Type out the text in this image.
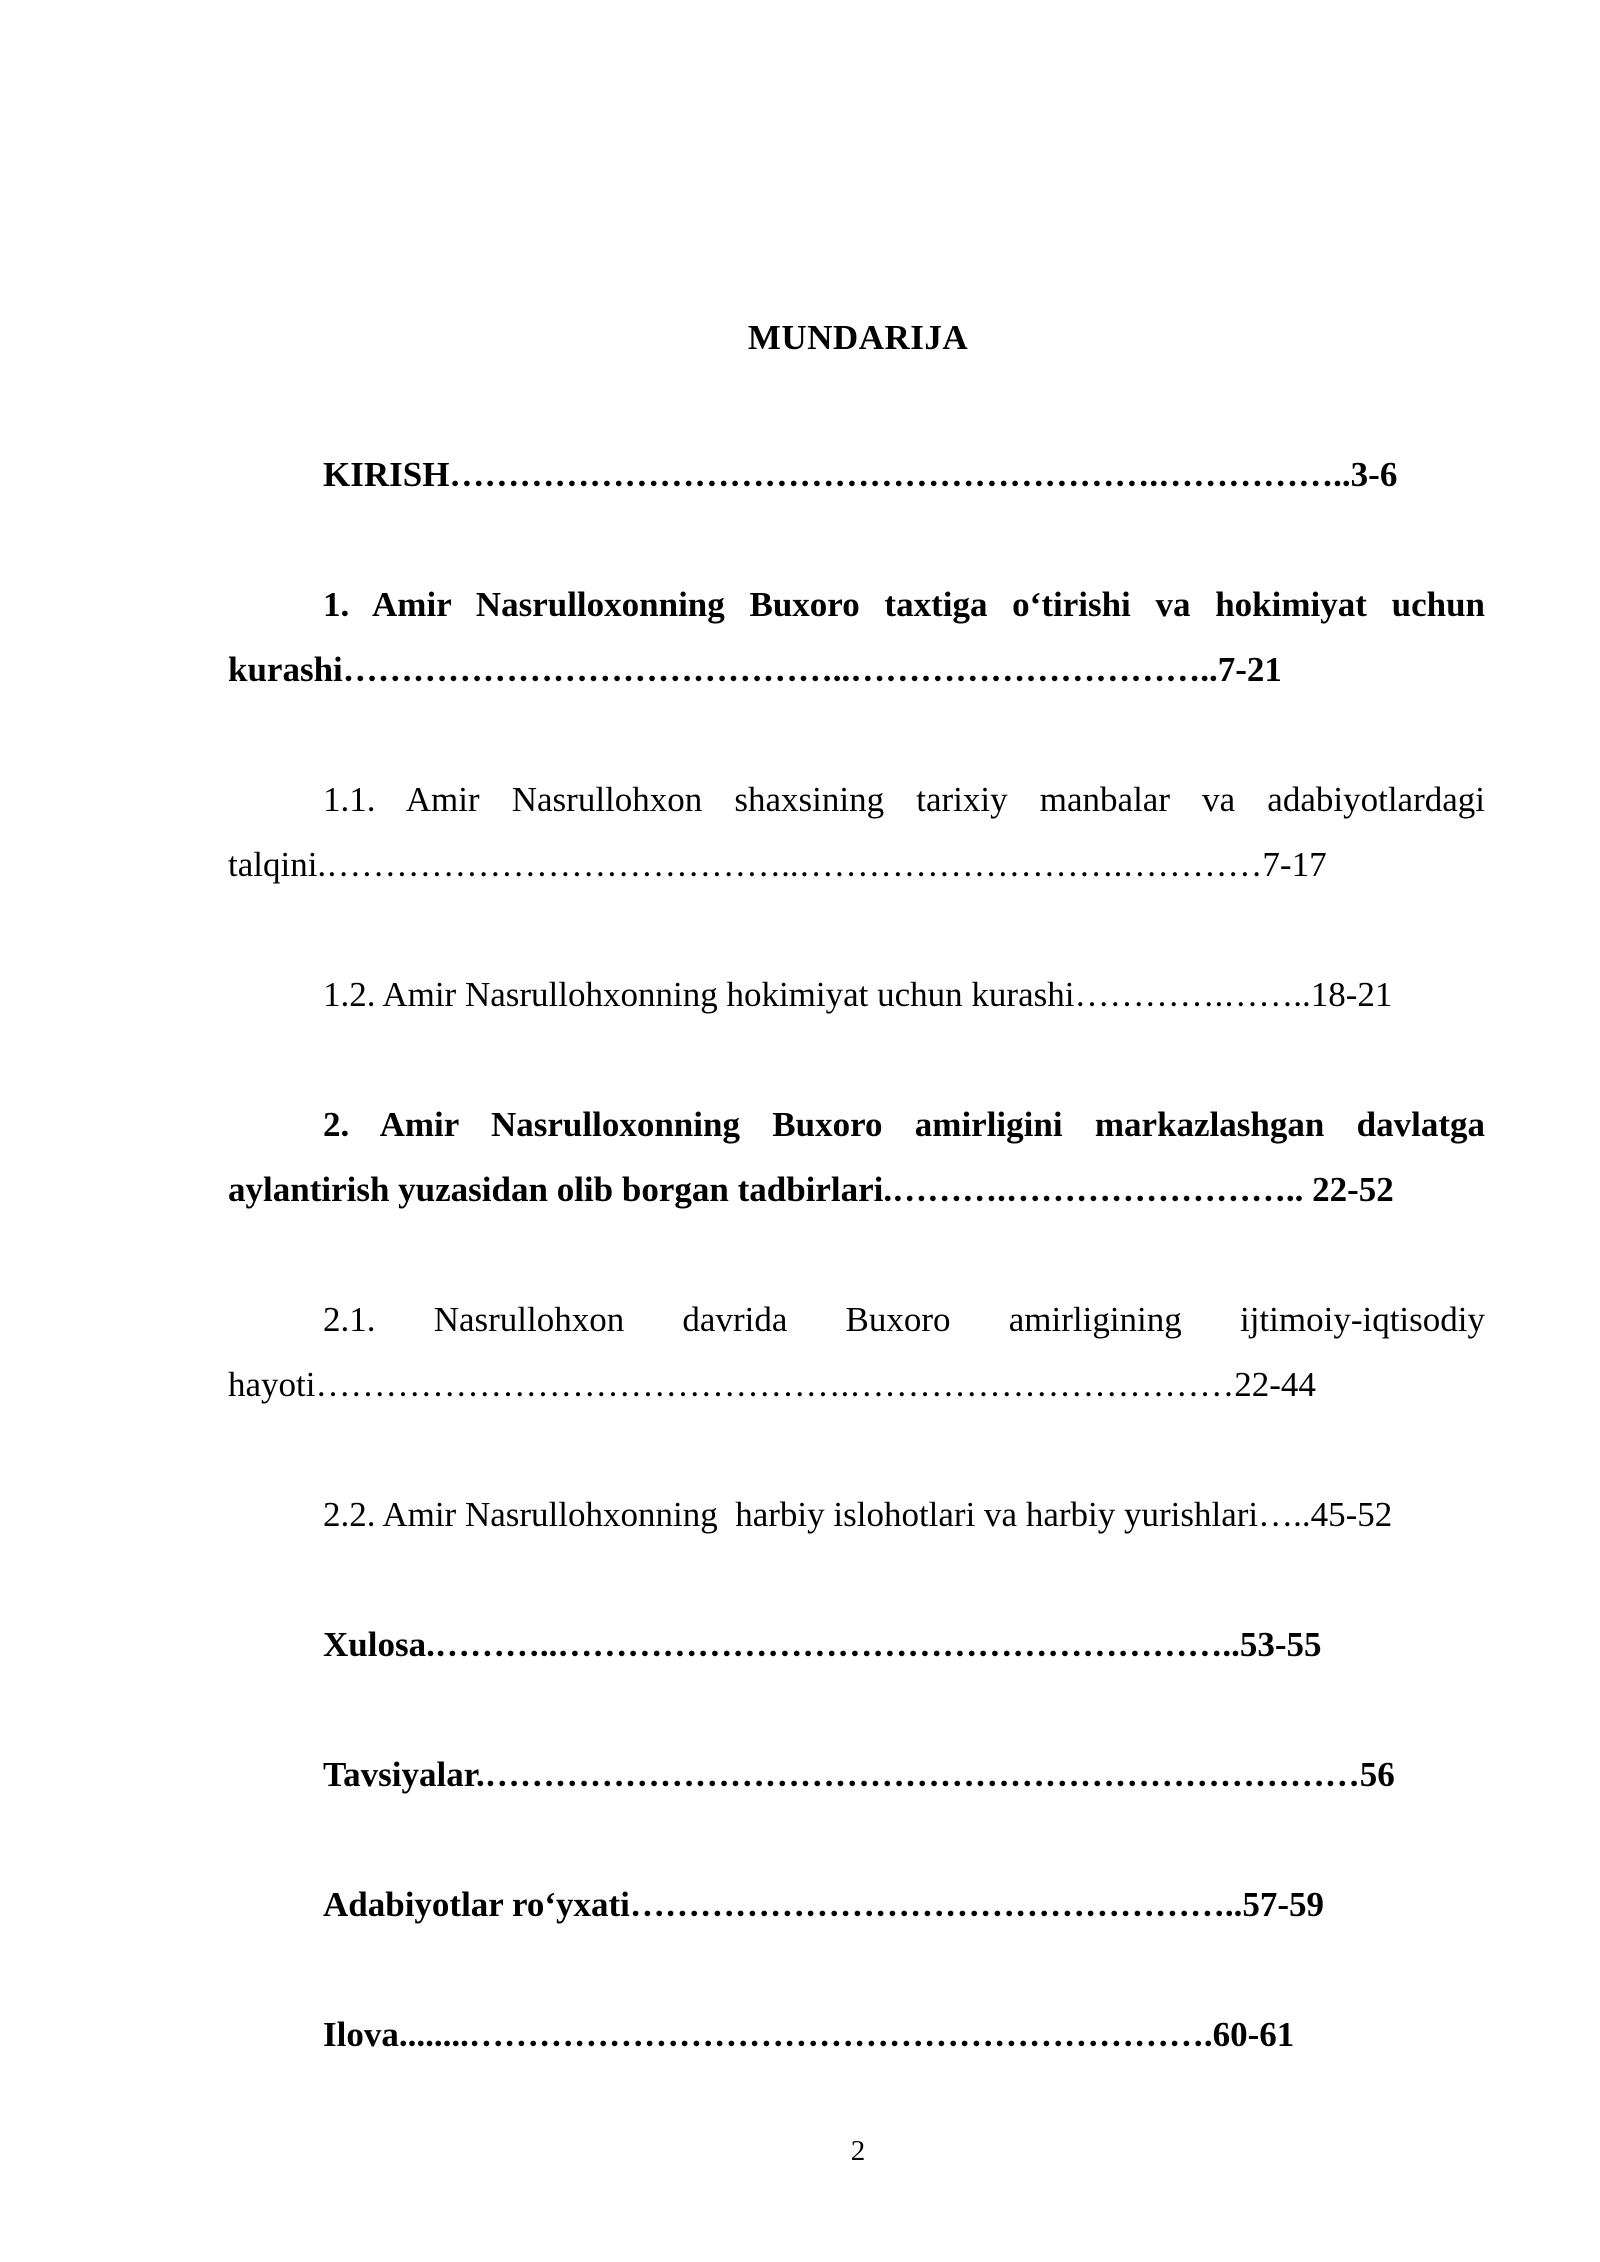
MUNDARIJA
KIRISH…………………………………………………….……………..3-6
1. Amir Nasrulloxonning Buxoro taxtiga o‘tirishi va hokimiyat uchun
kurashi……………………………………..…………………………..7-21
1.1. Amir Nasrullohxon shaxsining tarixiy manbalar va adabiyotlardagi
talqini.…………………………………..……………………….…………7-17
1.2. Amir Nasrullohxonning hokimiyat uchun kurashi………….……..18-21
2. Amir Nasrulloxonning Buxoro amirligini markazlashgan davlatga
aylantirish yuzasidan olib borgan tadbirlari.……….…………………….. 22-52
2.1. Nasrullohxon davrida Buxoro amirligining ijtimoiy-iqtisodiy
hayoti……………………………………….……………………………22-44
2.2. Amir Nasrullohxonning  harbiy islohotlari va harbiy yurishlari…..45-52
Xulosa.………..…………………………………………………..53-55
Tavsiyalar.…………………………………………………………………56
Adabiyotlar ro‘yxati……………………………………………..57-59
Ilova........……………………………………………………….60-61
2
